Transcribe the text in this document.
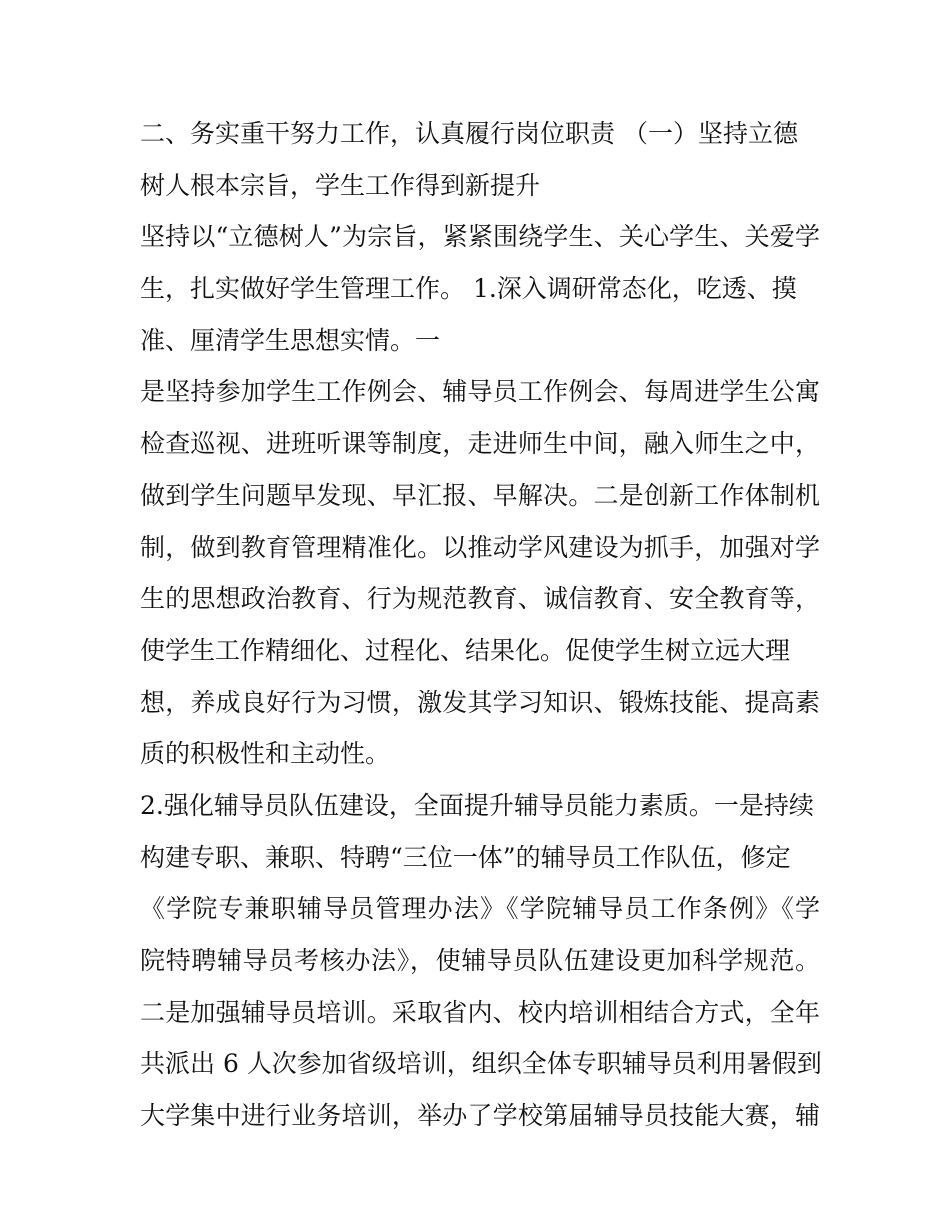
二、务实重干努力工作，认真履行岗位职责 （一）坚持立德
树人根本宗旨，学生工作得到新提升
坚持以“立德树人”为宗旨，紧紧围绕学生、关心学生、关爱学
生，扎实做好学生管理工作。 1.深入调研常态化，吃透、摸
准、厘清学生思想实情。一
是坚持参加学生工作例会、辅导员工作例会、每周进学生公寓
检查巡视、进班听课等制度，走进师生中间，融入师生之中，
做到学生问题早发现、早汇报、早解决。二是创新工作体制机
制，做到教育管理精准化。以推动学风建设为抓手，加强对学
生的思想政治教育、行为规范教育、诚信教育、安全教育等，
使学生工作精细化、过程化、结果化。促使学生树立远大理
想，养成良好行为习惯，激发其学习知识、锻炼技能、提高素
质的积极性和主动性。
2.强化辅导员队伍建设，全面提升辅导员能力素质。一是持续
构建专职、兼职、特聘“三位一体”的辅导员工作队伍，修定
《学院专兼职辅导员管理办法》《学院辅导员工作条例》《学
院特聘辅导员考核办法》，使辅导员队伍建设更加科学规范。
二是加强辅导员培训。采取省内、校内培训相结合方式，全年
共派出 6 人次参加省级培训，组织全体专职辅导员利用暑假到
大学集中进行业务培训，举办了学校第届辅导员技能大赛，辅
